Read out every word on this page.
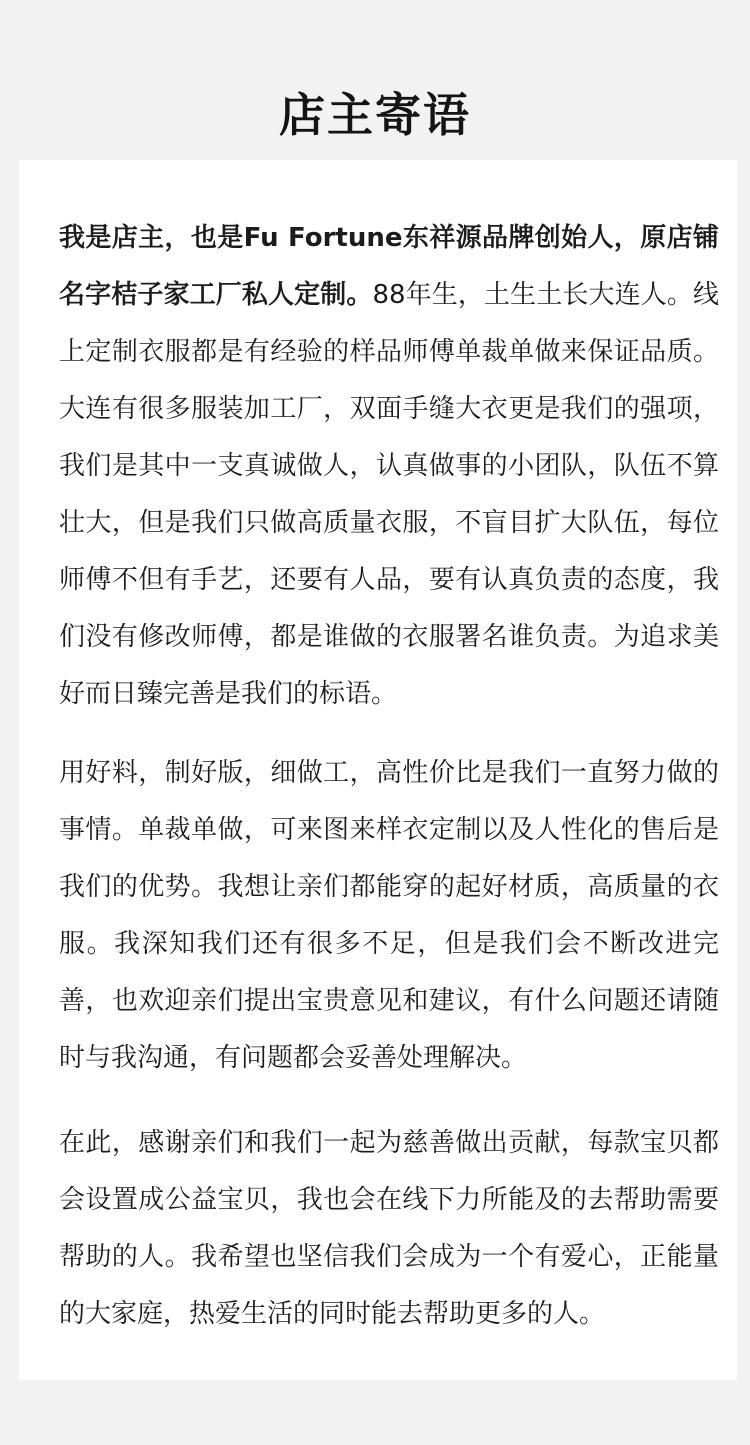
店主寄语

我是店主，也是Fu Fortune东祥源品牌创始人，原店铺名字桔子家工厂私人定制。88年生，土生土长大连人。线上定制衣服都是有经验的样品师傅单裁单做来保证品质。大连有很多服装加工厂，双面手缝大衣更是我们的强项，我们是其中一支真诚做人，认真做事的小团队，队伍不算壮大，但是我们只做高质量衣服，不盲目扩大队伍，每位师傅不但有手艺，还要有人品，要有认真负责的态度，我们没有修改师傅，都是谁做的衣服署名谁负责。为追求美好而日臻完善是我们的标语。

用好料，制好版，细做工，高性价比是我们一直努力做的事情。单裁单做，可来图来样衣定制以及人性化的售后是我们的优势。我想让亲们都能穿的起好材质，高质量的衣服。我深知我们还有很多不足，但是我们会不断改进完善，也欢迎亲们提出宝贵意见和建议，有什么问题还请随时与我沟通，有问题都会妥善处理解决。

在此，感谢亲们和我们一起为慈善做出贡献，每款宝贝都会设置成公益宝贝，我也会在线下力所能及的去帮助需要帮助的人。我希望也坚信我们会成为一个有爱心，正能量的大家庭，热爱生活的同时能去帮助更多的人。
